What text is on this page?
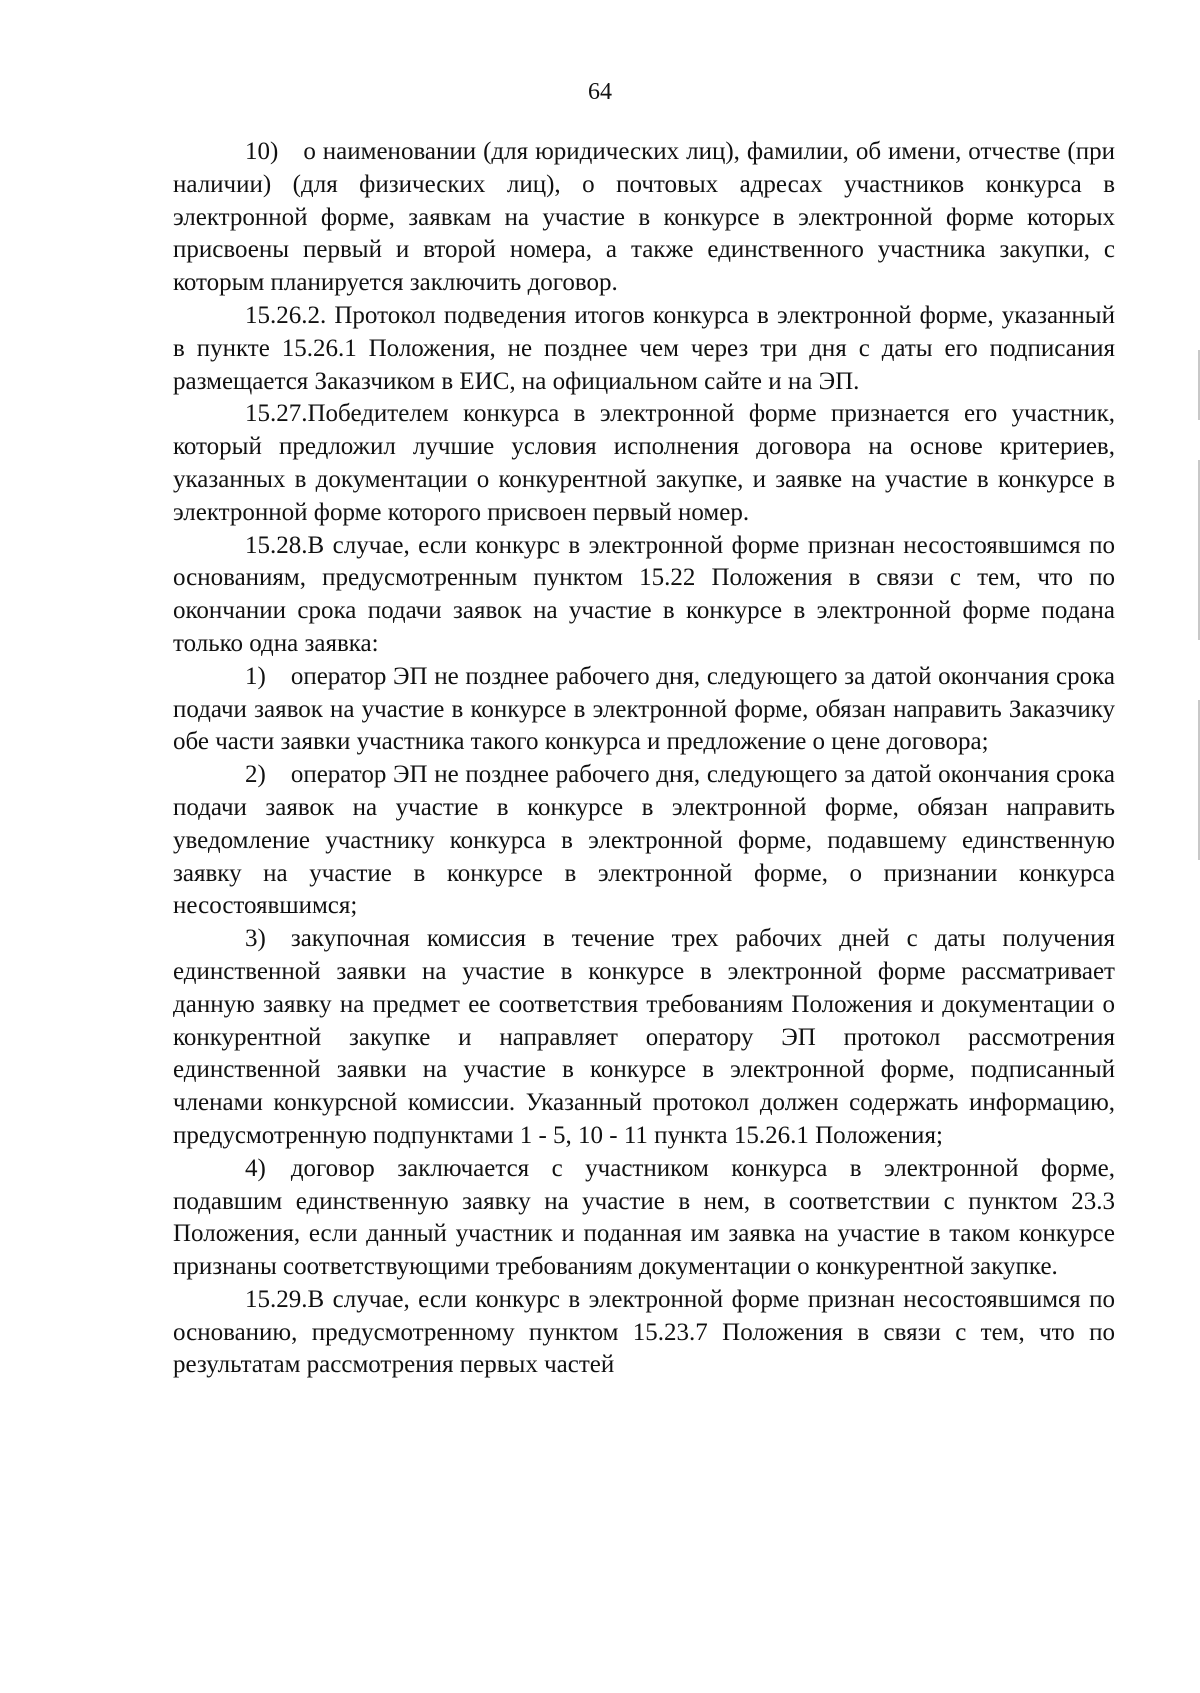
64

10) о наименовании (для юридических лиц), фамилии, об имени, отчестве (при наличии) (для физических лиц), о почтовых адресах участников конкурса в электронной форме, заявкам на участие в конкурсе в электронной форме которых присвоены первый и второй номера, а также единственного участника закупки, с которым планируется заключить договор.

15.26.2. Протокол подведения итогов конкурса в электронной форме, указанный в пункте 15.26.1 Положения, не позднее чем через три дня с даты его подписания размещается Заказчиком в ЕИС, на официальном сайте и на ЭП.

15.27.Победителем конкурса в электронной форме признается его участник, который предложил лучшие условия исполнения договора на основе критериев, указанных в документации о конкурентной закупке, и заявке на участие в конкурсе в электронной форме которого присвоен первый номер.

15.28.В случае, если конкурс в электронной форме признан несостоявшимся по основаниям, предусмотренным пунктом 15.22 Положения в связи с тем, что по окончании срока подачи заявок на участие в конкурсе в электронной форме подана только одна заявка:

1) оператор ЭП не позднее рабочего дня, следующего за датой окончания срока подачи заявок на участие в конкурсе в электронной форме, обязан направить Заказчику обе части заявки участника такого конкурса и предложение о цене договора;

2) оператор ЭП не позднее рабочего дня, следующего за датой окончания срока подачи заявок на участие в конкурсе в электронной форме, обязан направить уведомление участнику конкурса в электронной форме, подавшему единственную заявку на участие в конкурсе в электронной форме, о признании конкурса несостоявшимся;

3) закупочная комиссия в течение трех рабочих дней с даты получения единственной заявки на участие в конкурсе в электронной форме рассматривает данную заявку на предмет ее соответствия требованиям Положения и документации о конкурентной закупке и направляет оператору ЭП протокол рассмотрения единственной заявки на участие в конкурсе в электронной форме, подписанный членами конкурсной комиссии. Указанный протокол должен содержать информацию, предусмотренную подпунктами 1 - 5, 10 - 11 пункта 15.26.1 Положения;

4) договор заключается с участником конкурса в электронной форме, подавшим единственную заявку на участие в нем, в соответствии с пунктом 23.3 Положения, если данный участник и поданная им заявка на участие в таком конкурсе признаны соответствующими требованиям документации о конкурентной закупке.

15.29.В случае, если конкурс в электронной форме признан несостоявшимся по основанию, предусмотренному пунктом 15.23.7 Положения в связи с тем, что по результатам рассмотрения первых частей
